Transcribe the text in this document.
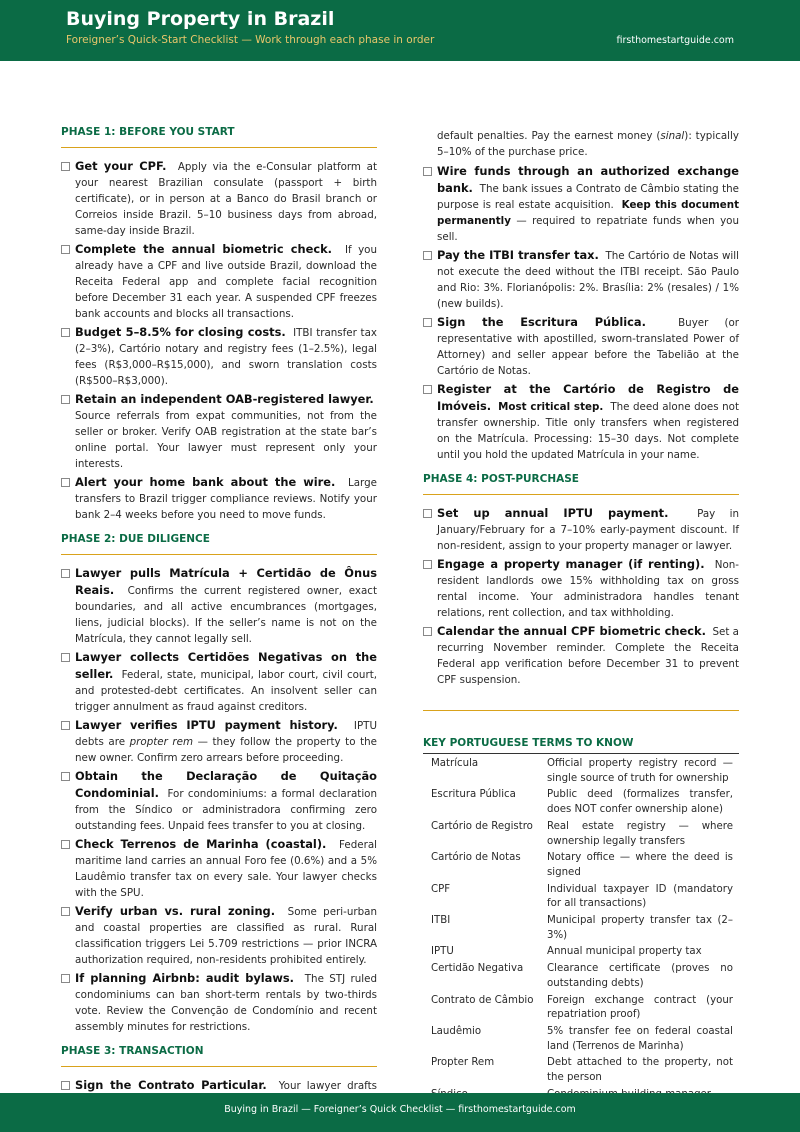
Buying Property in Brazil
Foreigner’s Quick-Start Checklist — Work through each phase in order	firsthomestartguide.com
PHASE 1: BEFORE YOU START
Get your CPF. Apply via the e-Consular platform at your nearest Brazilian consulate (passport + birth certificate), or in person at a Banco do Brasil branch or Correios inside Brazil. 5–10 business days from abroad, same-day inside Brazil.
Complete the annual biometric check. If you already have a CPF and live outside Brazil, download the Receita Federal app and complete facial recognition before December 31 each year. A suspended CPF freezes bank accounts and blocks all transactions.
Budget 5–8.5% for closing costs. ITBI transfer tax (2–3%), Cartório notary and registry fees (1–2.5%), legal fees (R$3,000–R$15,000), and sworn translation costs (R$500–R$3,000).
Retain an independent OAB-registered lawyer.  Source referrals from expat communities, not from the seller or broker. Verify OAB registration at the state bar’s online portal. Your lawyer must represent only your interests.
Alert your home bank about the wire. Large transfers to Brazil trigger compliance reviews. Notify your bank 2–4 weeks before you need to move funds.
PHASE 2: DUE DILIGENCE
Lawyer pulls Matrícula + Certidão de Ônus Reais. Confirms the current registered owner, exact boundaries, and all active encumbrances (mortgages, liens, judicial blocks). If the seller’s name is not on the Matrícula, they cannot legally sell.
Lawyer collects Certidões Negativas on the seller. Federal, state, municipal, labor court, civil court, and protested-debt certificates. An insolvent seller can trigger annulment as fraud against creditors.
Lawyer verifies IPTU payment history. IPTU debts are propter rem — they follow the property to the new owner. Confirm zero arrears before proceeding.
Obtain the Declaração de Quitação Condominial. For condominiums: a formal declaration from the Síndico or administradora confirming zero outstanding fees. Unpaid fees transfer to you at closing.
Check Terrenos de Marinha (coastal). Federal maritime land carries an annual Foro fee (0.6%) and a 5% Laudêmio transfer tax on every sale. Your lawyer checks with the SPU.
Verify urban vs. rural zoning. Some peri-urban and coastal properties are classified as rural. Rural classification triggers Lei 5.709 restrictions — prior INCRA authorization required, non-residents prohibited entirely.
If planning Airbnb: audit bylaws. The STJ ruled condominiums can ban short-term rentals by two-thirds vote. Review the Convenção de Condomínio and recent assembly minutes for restrictions.
PHASE 3: TRANSACTION
Sign the Contrato Particular. Your lawyer drafts
default penalties. Pay the earnest money (sinal): typically 5–10% of the purchase price.
Wire funds through an authorized exchange bank. The bank issues a Contrato de Câmbio stating the purpose is real estate acquisition. Keep this document permanently — required to repatriate funds when you sell.
Pay the ITBI transfer tax. The Cartório de Notas will not execute the deed without the ITBI receipt. São Paulo and Rio: 3%. Florianópolis: 2%. Brasília: 2% (resales) / 1% (new builds).
Sign the Escritura Pública.	Buyer (or representative with apostilled, sworn-translated Power of Attorney) and seller appear before the Tabelião at the Cartório de Notas.
Register at the Cartório de Registro de Imóveis. Most critical step. The deed alone does not transfer ownership. Title only transfers when registered on the Matrícula. Processing: 15–30 days. Not complete until you hold the updated Matrícula in your name.
PHASE 4: POST-PURCHASE
Set up annual IPTU payment.	Pay in January/February for a 7–10% early-payment discount. If non-resident, assign to your property manager or lawyer.
Engage a property manager (if renting). Non-resident landlords owe 15% withholding tax on gross rental income. Your administradora handles tenant relations, rent collection, and tax withholding.
Calendar the annual CPF biometric check. Set a recurring November reminder. Complete the Receita Federal app verification before December 31 to prevent CPF suspension.
KEY PORTUGUESE TERMS TO KNOW
Matrícula	Official property registry record — single source of truth for ownership
Escritura Pública	Public deed (formalizes transfer, does NOT confer ownership alone)
Cartório de Registro	Real estate registry — where ownership legally transfers
Cartório de Notas	Notary office — where the deed is signed
CPF	Individual taxpayer ID (mandatory for all transactions)
ITBI	Municipal property transfer tax (2–3%)
IPTU	Annual municipal property tax
Certidão Negativa	Clearance certificate (proves no outstanding debts)
Contrato de Câmbio	Foreign exchange contract (your repatriation proof)
Laudêmio	5% transfer fee on federal coastal land (Terrenos de Marinha)
Propter Rem	Debt attached to the property, not the person

Buying in Brazil — Foreigner’s Quick Checklist — firsthomestartguide.com
